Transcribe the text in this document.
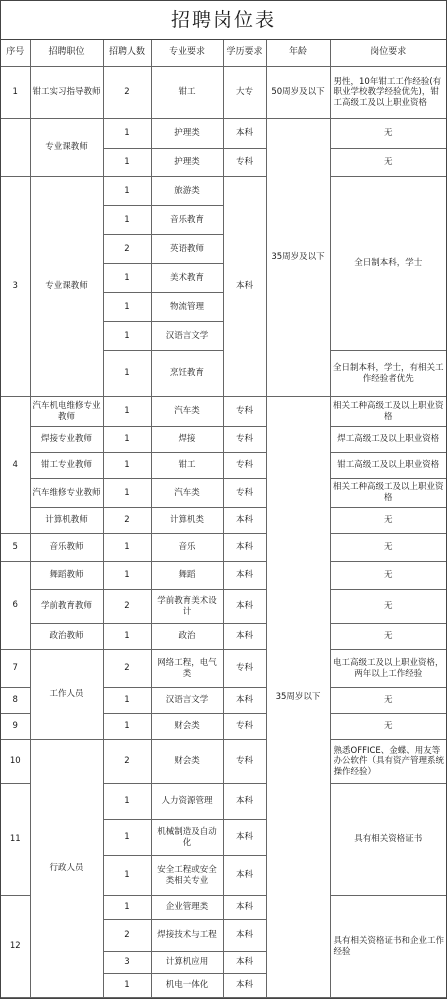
招聘岗位表
序号	招聘职位	招聘人数	专业要求	学历要求	年龄	岗位要求
1	钳工实习指导教师	2	钳工	大专	50周岁及以下	男性，10年钳工工作经验(有职业学校教学经验优先)，钳工高级工及以上职业资格
	专业课教师	1	护理类	本科	35周岁及以下	无
		1	护理类	专科		无
3	专业课教师	1	旅游类	本科		全日制本科，学士
		1	音乐教育			
		2	英语教师			
		1	美术教育			
		1	物流管理			
		1	汉语言文学			
		1	烹饪教育			全日制本科，学士，有相关工作经验者优先
4	汽车机电维修专业教师	1	汽车类	专科	35周岁以下	相关工种高级工及以上职业资格
	焊接专业教师	1	焊接	专科		焊工高级工及以上职业资格
	钳工专业教师	1	钳工	专科		钳工高级工及以上职业资格
	汽车维修专业教师	1	汽车类	专科		相关工种高级工及以上职业资格
	计算机教师	2	计算机类	本科		无
5	音乐教师	1	音乐	本科		无
6	舞蹈教师	1	舞蹈	本科		无
	学前教育教师	2	学前教育美术设计	本科		无
	政治教师	1	政治	本科		无
7	工作人员	2	网络工程，电气类	专科		电工高级工及以上职业资格，两年以上工作经验
8		1	汉语言文学	本科		无
9		1	财会类	专科		无
10	行政人员	2	财会类	专科		熟悉OFFICE、金蝶、用友等办公软件（具有资产管理系统操作经验）
11		1	人力资源管理	本科		具有相关资格证书
		1	机械制造及自动化	本科		
		1	安全工程或安全类相关专业	本科		
12		1	企业管理类	本科		具有相关资格证书和企业工作经验
		2	焊接技术与工程	本科		
		3	计算机应用	本科		
		1	机电一体化	本科		
